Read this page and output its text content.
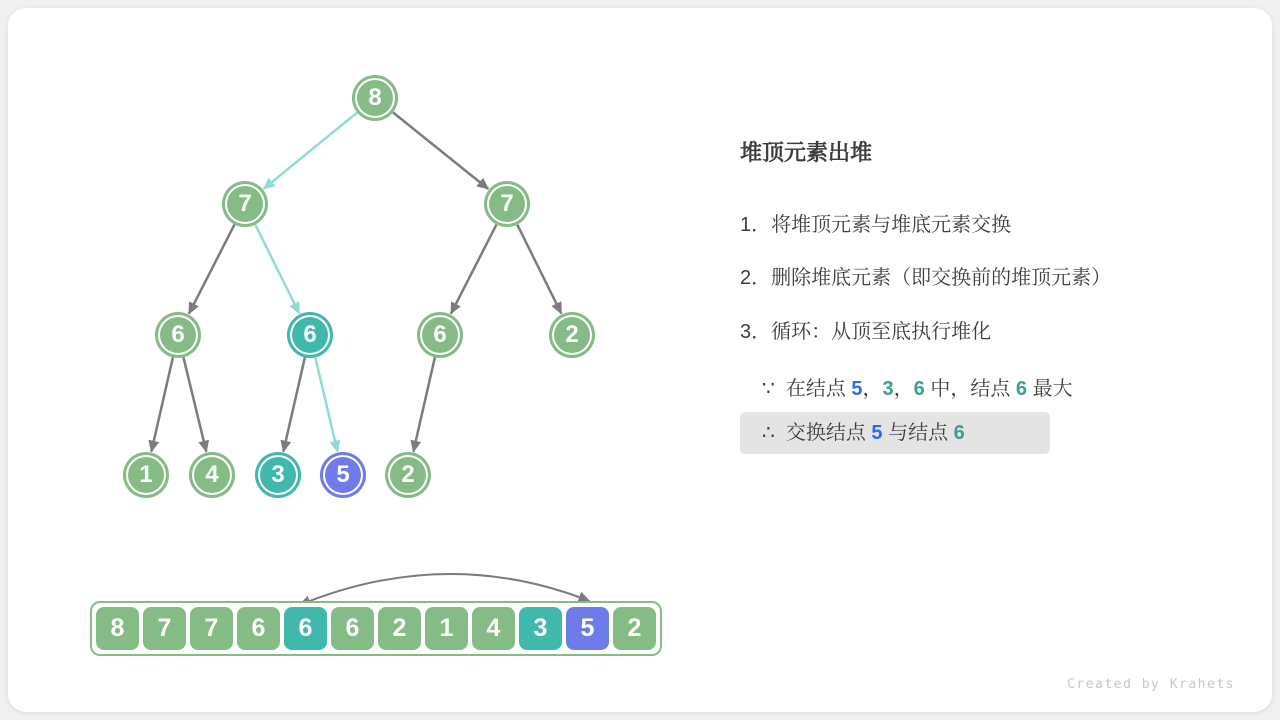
8
7	7
6	6	6	2
1	4	3	5	2
堆顶元素出堆
1．将堆顶元素与堆底元素交换
2．删除堆底元素（即交换前的堆顶元素）
3．循环：从顶至底执行堆化
∵  在结点 5，3，6 中，结点 6 最大
∴  交换结点 5 与结点 6
8	7	7	6	6	6	2	1	4	3	5	2
Created by Krahets
